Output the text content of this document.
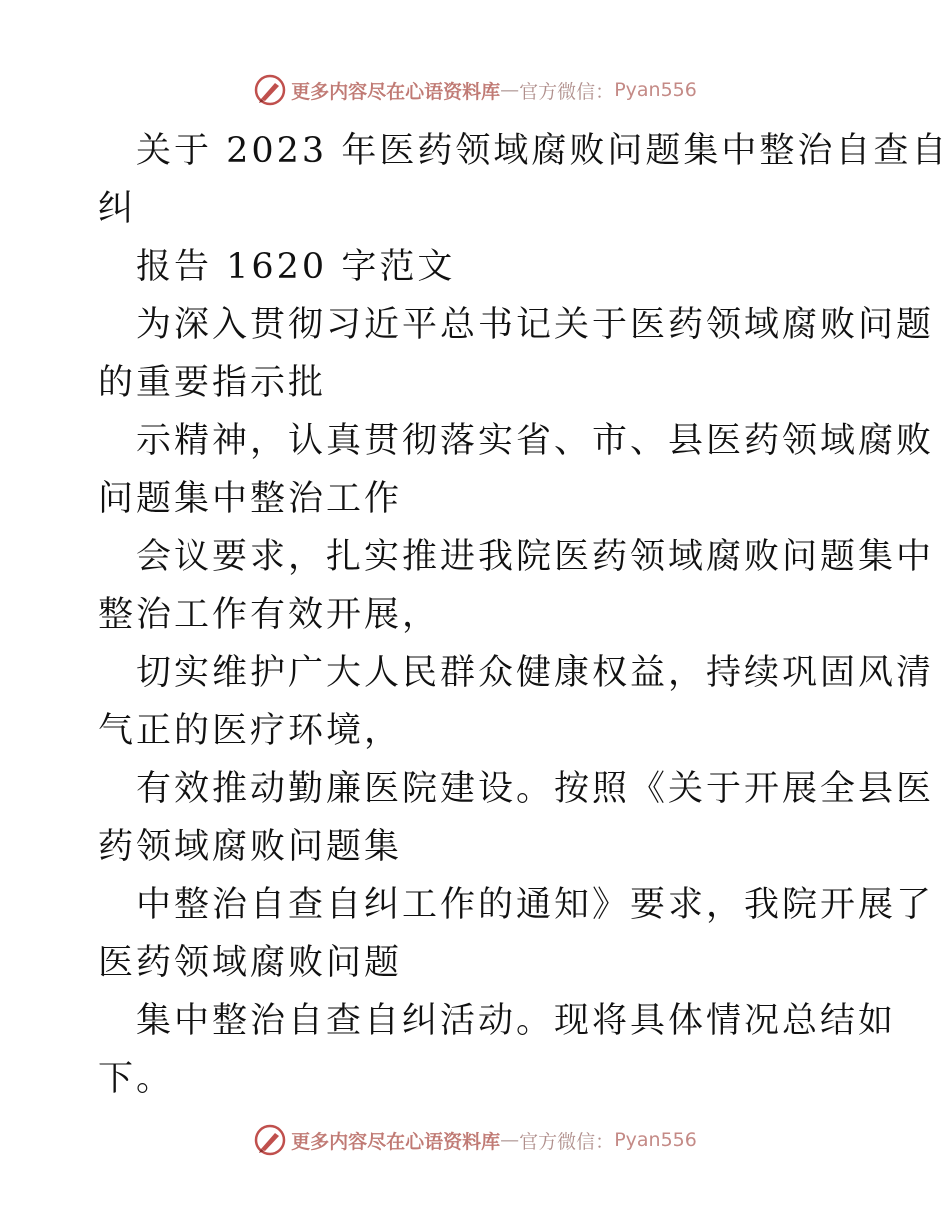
更多内容尽在心语资料库 — 官方微信： Pyan556
关于 2023 年医药领域腐败问题集中整治自查自
纠
报告 1620 字范文
为深入贯彻习近平总书记关于医药领域腐败问题
的重要指示批
示精神，认真贯彻落实省、市、县医药领域腐败
问题集中整治工作
会议要求，扎实推进我院医药领域腐败问题集中
整治工作有效开展，
切实维护广大人民群众健康权益，持续巩固风清
气正的医疗环境，
有效推动勤廉医院建设。按照《关于开展全县医
药领域腐败问题集
中整治自查自纠工作的通知》要求，我院开展了
医药领域腐败问题
集中整治自查自纠活动。现将具体情况总结如
下。
更多内容尽在心语资料库 — 官方微信： Pyan556
